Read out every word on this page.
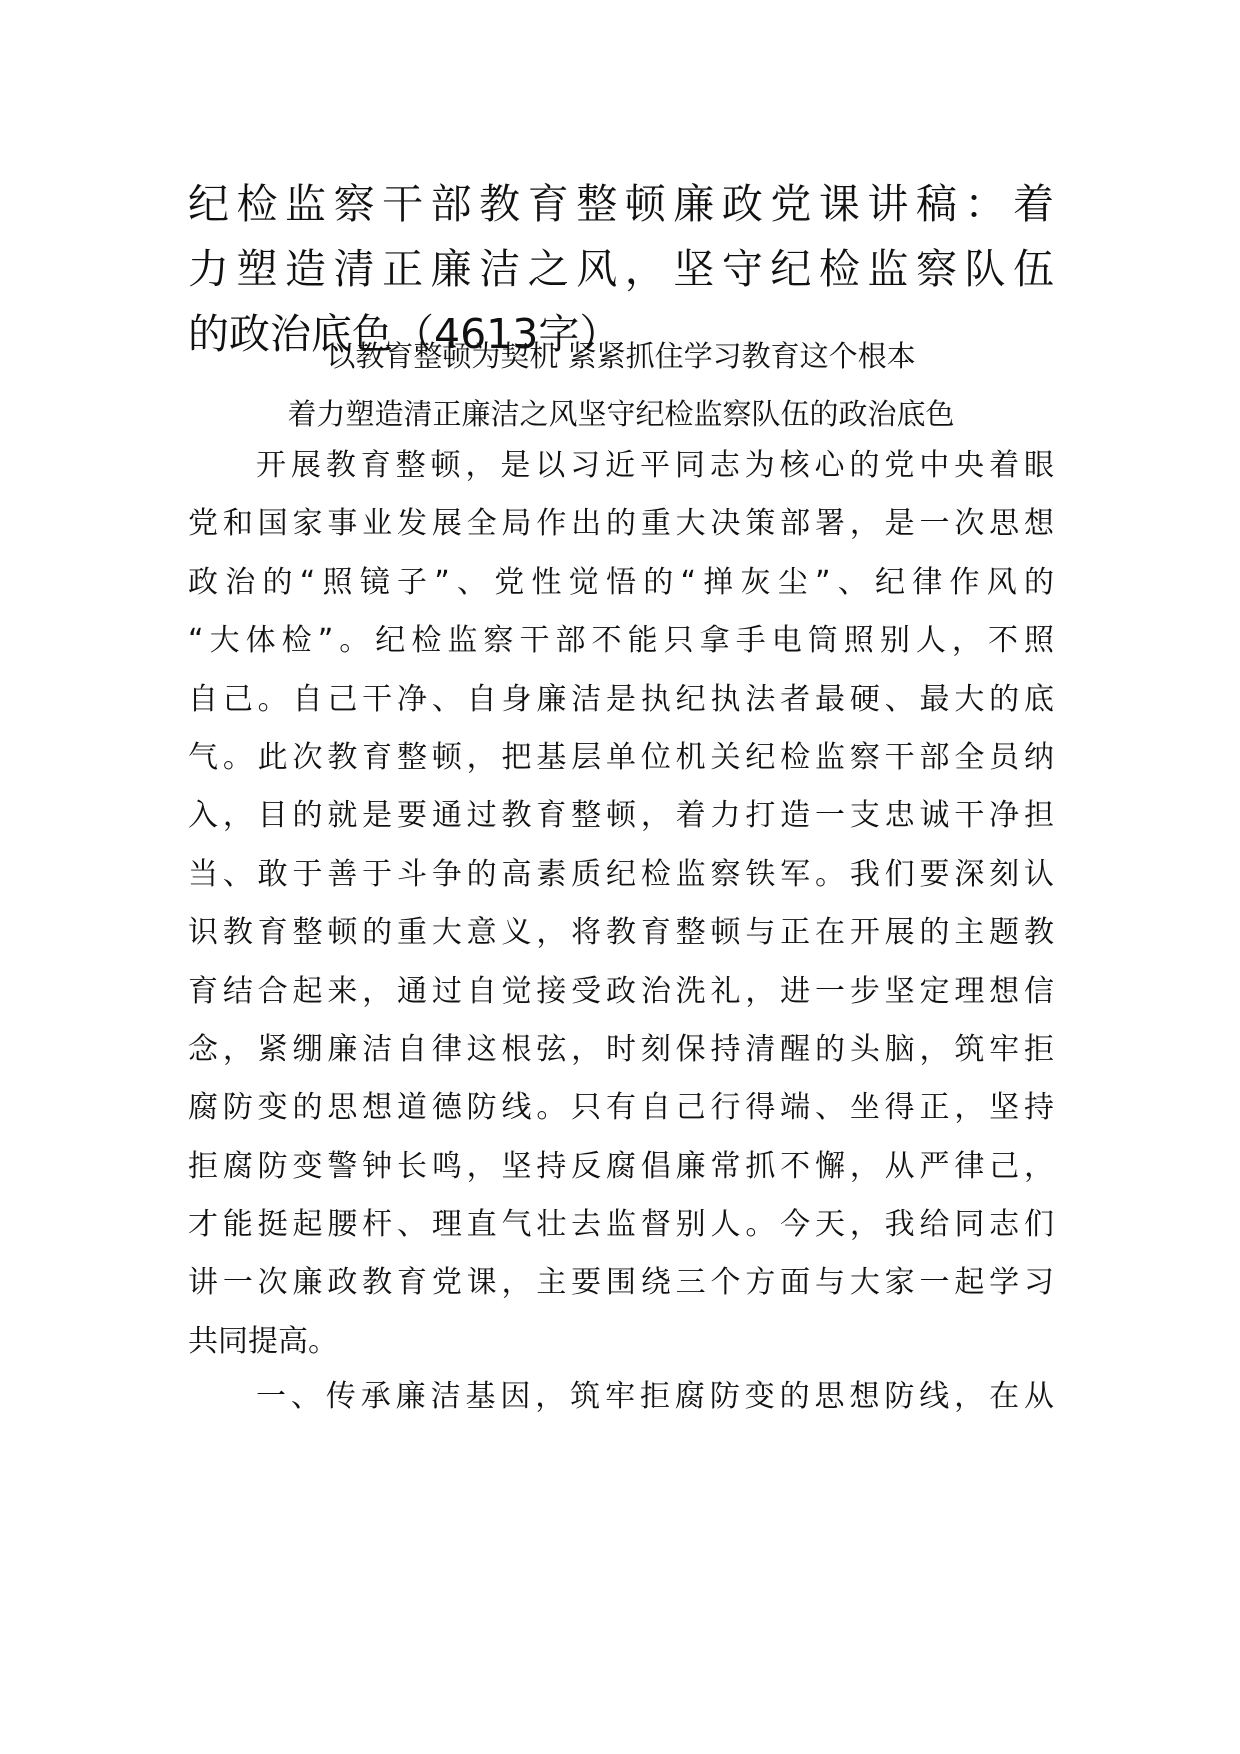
纪检监察干部教育整顿廉政党课讲稿：着
力塑造清正廉洁之风，坚守纪检监察队伍
的政治底色（4613字）
以教育整顿为契机 紧紧抓住学习教育这个根本
着力塑造清正廉洁之风坚守纪检监察队伍的政治底色
开展教育整顿，是以习近平同志为核心的党中央着眼
党和国家事业发展全局作出的重大决策部署，是一次思想
政治的“照镜子”、党性觉悟的“掸灰尘”、纪律作风的
“大体检”。纪检监察干部不能只拿手电筒照别人，不照
自己。自己干净、自身廉洁是执纪执法者最硬、最大的底
气。此次教育整顿，把基层单位机关纪检监察干部全员纳
入，目的就是要通过教育整顿，着力打造一支忠诚干净担
当、敢于善于斗争的高素质纪检监察铁军。我们要深刻认
识教育整顿的重大意义，将教育整顿与正在开展的主题教
育结合起来，通过自觉接受政治洗礼，进一步坚定理想信
念，紧绷廉洁自律这根弦，时刻保持清醒的头脑，筑牢拒
腐防变的思想道德防线。只有自己行得端、坐得正，坚持
拒腐防变警钟长鸣，坚持反腐倡廉常抓不懈，从严律己，
才能挺起腰杆、理直气壮去监督别人。今天，我给同志们
讲一次廉政教育党课，主要围绕三个方面与大家一起学习
共同提高。
一、传承廉洁基因，筑牢拒腐防变的思想防线，在从
